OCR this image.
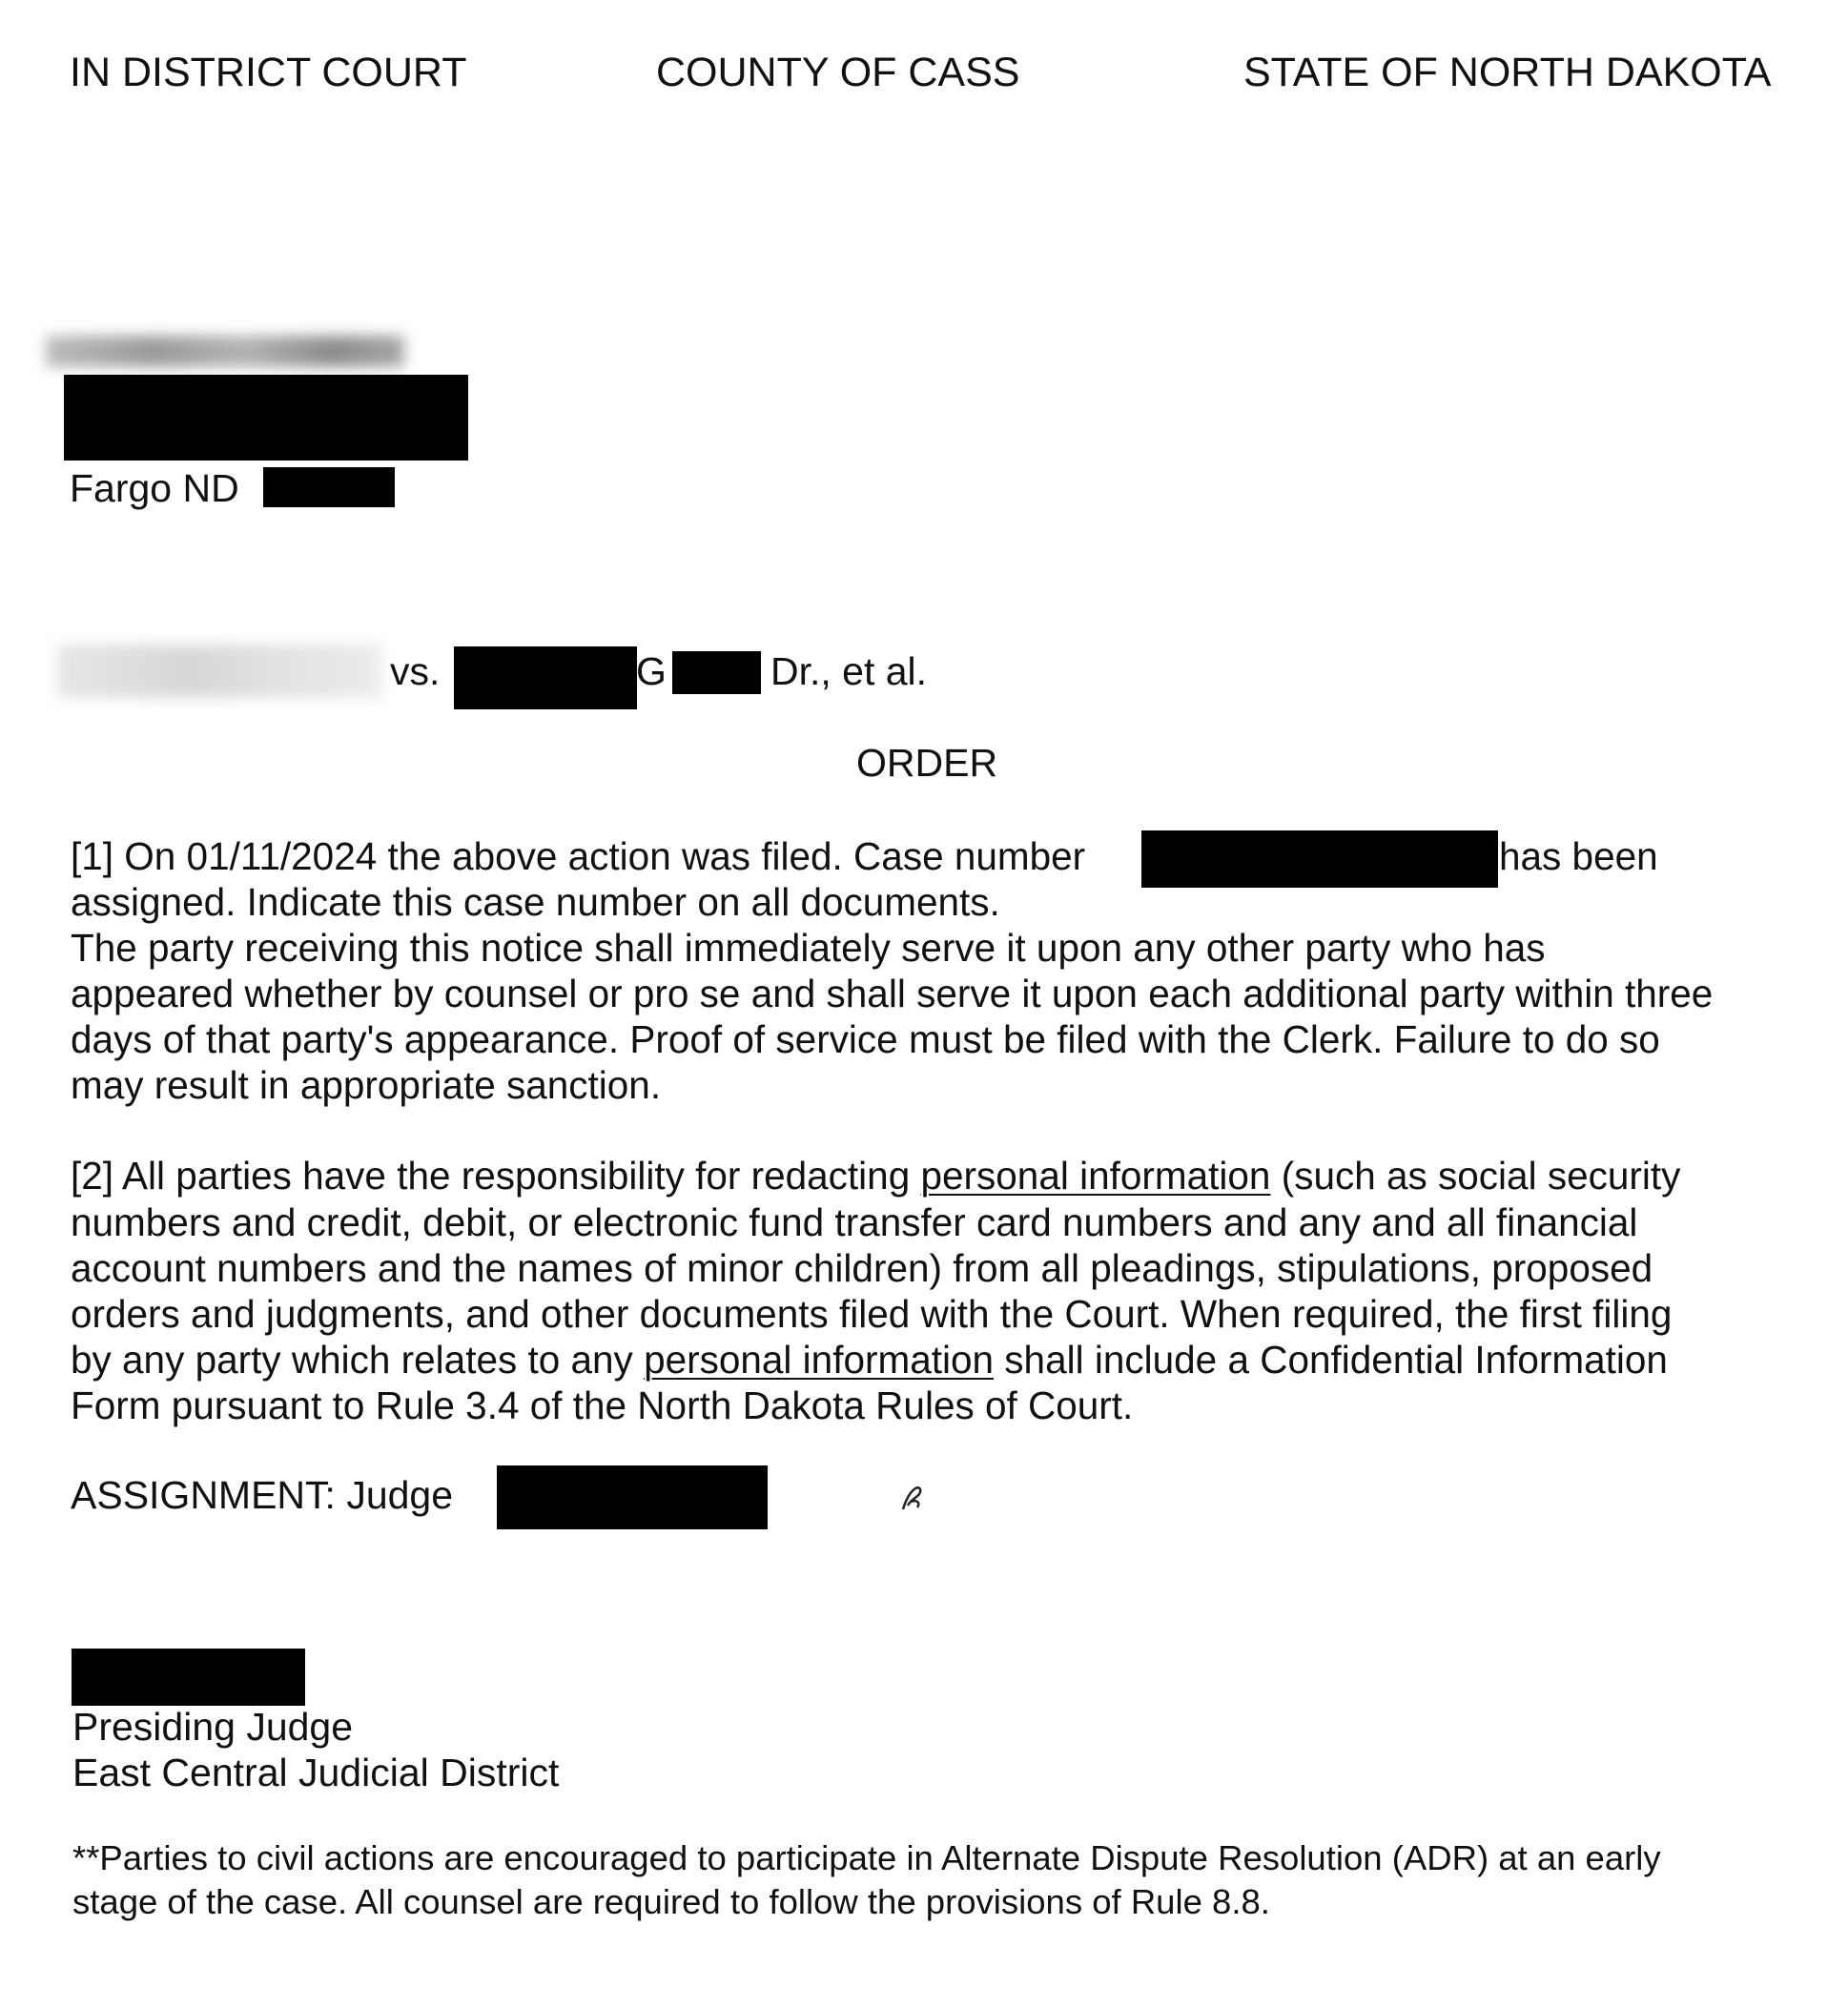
IN DISTRICT COURT	COUNTY OF CASS	STATE OF NORTH DAKOTA
Fargo ND
vs.	G	Dr., et al.
ORDER
[1] On 01/11/2024 the above action was filed. Case number	has been
assigned. Indicate this case number on all documents.
The party receiving this notice shall immediately serve it upon any other party who has
appeared whether by counsel or pro se and shall serve it upon each additional party within three
days of that party's appearance. Proof of service must be filed with the Clerk. Failure to do so
may result in appropriate sanction.
[2] All parties have the responsibility for redacting personal information (such as social security
numbers and credit, debit, or electronic fund transfer card numbers and any and all financial
account numbers and the names of minor children) from all pleadings, stipulations, proposed
orders and judgments, and other documents filed with the Court. When required, the first filing
by any party which relates to any personal information shall include a Confidential Information
Form pursuant to Rule 3.4 of the North Dakota Rules of Court.
ASSIGNMENT: Judge
Presiding Judge
East Central Judicial District
**Parties to civil actions are encouraged to participate in Alternate Dispute Resolution (ADR) at an early
stage of the case. All counsel are required to follow the provisions of Rule 8.8.
